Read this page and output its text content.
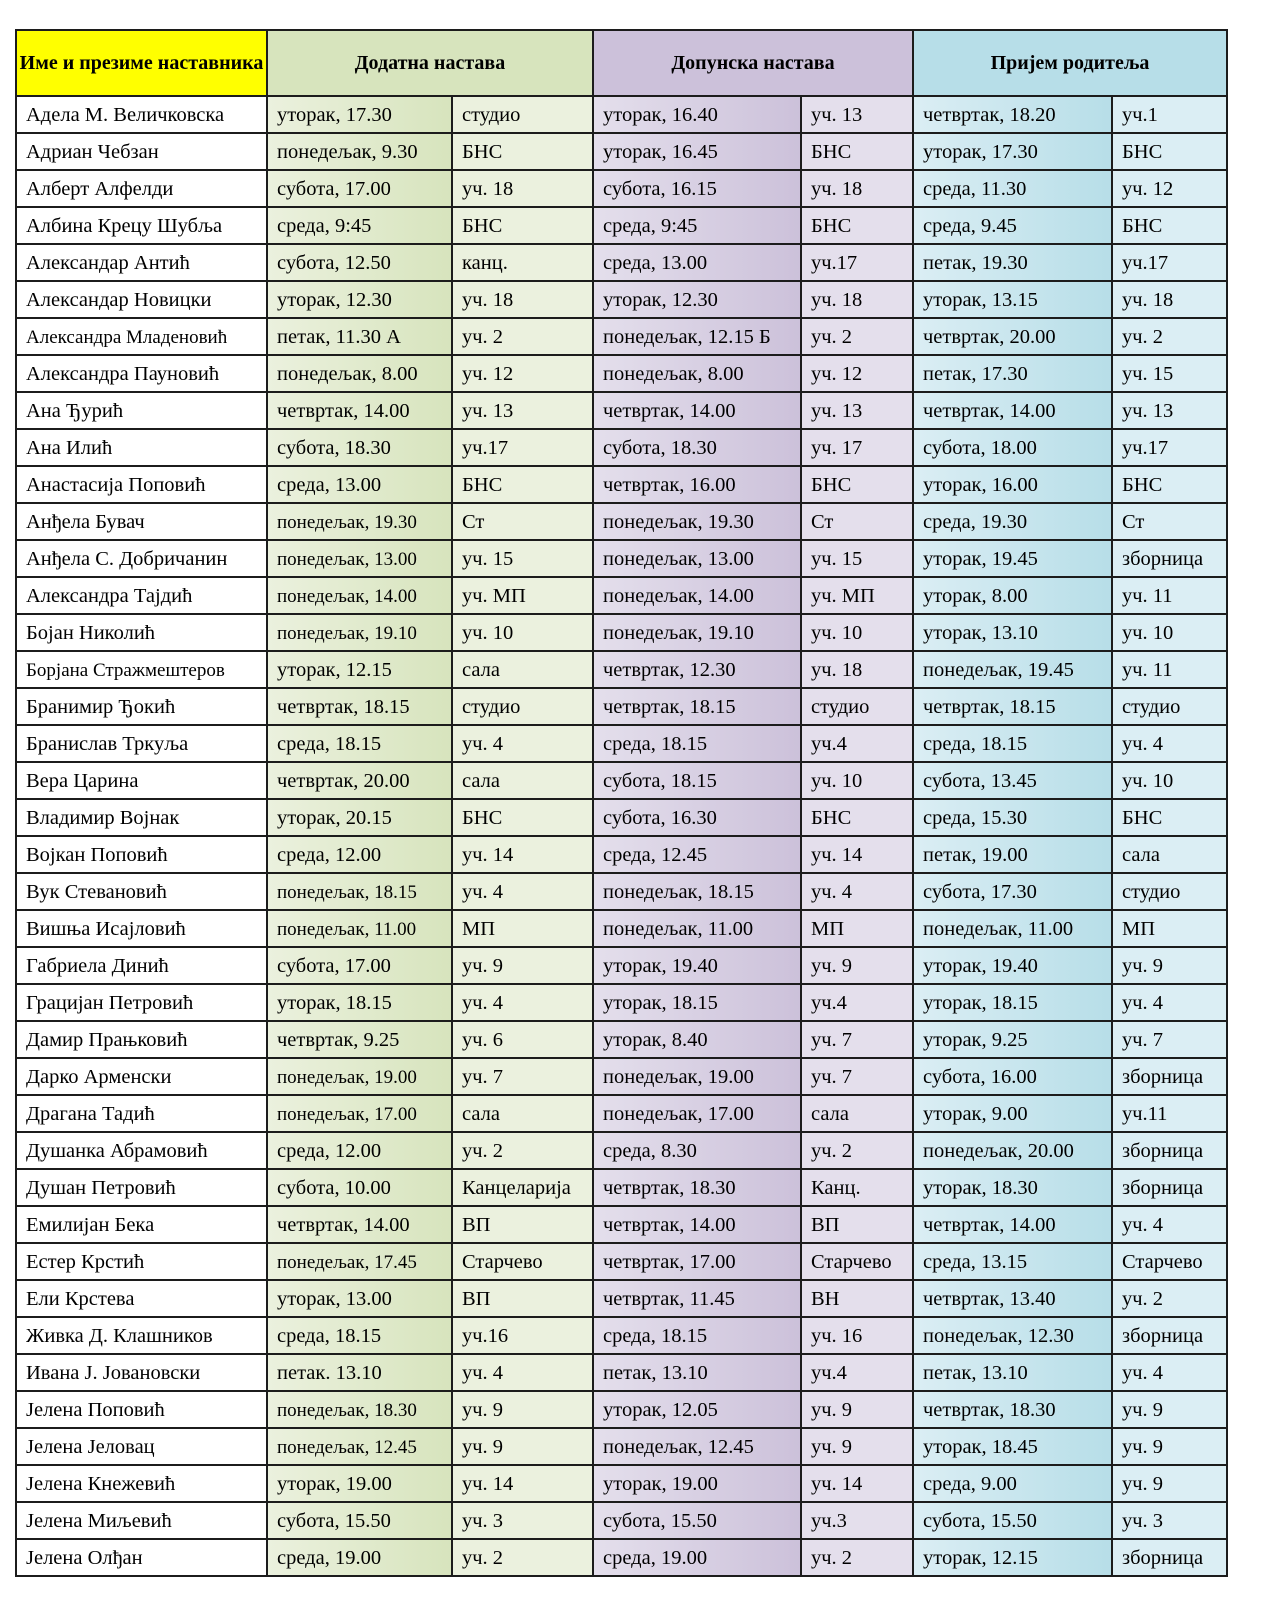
Име и презиме наставника	Додатна настава		Допунска настава		Пријем родитеља	
Адела М. Величковска	уторак, 17.30	студио	уторак, 16.40	уч. 13	четвртак, 18.20	уч.1
Адриан Чебзан	понедељак, 9.30	БНС	уторак, 16.45	БНС	уторак, 17.30	БНС
Алберт Алфелди	субота, 17.00	уч. 18	субота, 16.15	уч. 18	среда, 11.30	уч. 12
Албина Крецу Шубља	среда, 9:45	БНС	среда, 9:45	БНС	среда, 9.45	БНС
Александар Антић	субота, 12.50	канц.	среда, 13.00	уч.17	петак, 19.30	уч.17
Александар Новицки	уторак, 12.30	уч. 18	уторак, 12.30	уч. 18	уторак, 13.15	уч. 18
Александра Младеновић	петак, 11.30 А	уч. 2	понедељак, 12.15 Б	уч. 2	четвртак, 20.00	уч. 2
Александра Пауновић	понедељак, 8.00	уч. 12	понедељак, 8.00	уч. 12	петак, 17.30	уч. 15
Ана Ђурић	четвртак, 14.00	уч. 13	четвртак, 14.00	уч. 13	четвртак, 14.00	уч. 13
Ана Илић	субота, 18.30	уч.17	субота, 18.30	уч. 17	субота, 18.00	уч.17
Анастасија Поповић	среда, 13.00	БНС	четвртак, 16.00	БНС	уторак, 16.00	БНС
Анђела Бувач	понедељак, 19.30	Ст	понедељак, 19.30	Ст	среда, 19.30	Ст
Анђела С. Добричанин	понедељак, 13.00	уч. 15	понедељак, 13.00	уч. 15	уторак, 19.45	зборница
Александра Тајдић	понедељак, 14.00	уч. МП	понедељак, 14.00	уч. МП	уторак, 8.00	уч. 11
Бојан Николић	понедељак, 19.10	уч. 10	понедељак, 19.10	уч. 10	уторак, 13.10	уч. 10
Борјана Стражмештеров	уторак, 12.15	сала	четвртак, 12.30	уч. 18	понедељак, 19.45	уч. 11
Бранимир Ђокић	четвртак, 18.15	студио	четвртак, 18.15	студио	четвртак, 18.15	студио
Бранислав Тркуља	среда, 18.15	уч. 4	среда, 18.15	уч.4	среда, 18.15	уч. 4
Вера Царина	четвртак, 20.00	сала	субота, 18.15	уч. 10	субота, 13.45	уч. 10
Владимир Војнак	уторак, 20.15	БНС	субота, 16.30	БНС	среда, 15.30	БНС
Војкан Поповић	среда, 12.00	уч. 14	среда, 12.45	уч. 14	петак, 19.00	сала
Вук Стевановић	понедељак, 18.15	уч. 4	понедељак, 18.15	уч. 4	субота, 17.30	студио
Вишња Исајловић	понедељак, 11.00	МП	понедељак, 11.00	МП	понедељак, 11.00	МП
Габриела Динић	субота, 17.00	уч. 9	уторак, 19.40	уч. 9	уторак, 19.40	уч. 9
Грацијан Петровић	уторак, 18.15	уч. 4	уторак, 18.15	уч.4	уторак, 18.15	уч. 4
Дамир Прањковић	четвртак, 9.25	уч. 6	уторак, 8.40	уч. 7	уторак, 9.25	уч. 7
Дарко Арменски	понедељак, 19.00	уч. 7	понедељак, 19.00	уч. 7	субота, 16.00	зборница
Драгана Тадић	понедељак, 17.00	сала	понедељак, 17.00	сала	уторак, 9.00	уч.11
Душанка Абрамовић	среда, 12.00	уч. 2	среда, 8.30	уч. 2	понедељак, 20.00	зборница
Душан Петровић	субота, 10.00	Канцеларија	четвртак, 18.30	Канц.	уторак, 18.30	зборница
Емилијан Бека	четвртак, 14.00	ВП	четвртак, 14.00	ВП	четвртак, 14.00	уч. 4
Естер Крстић	понедељак, 17.45	Старчево	четвртак, 17.00	Старчево	среда, 13.15	Старчево
Ели Крстева	уторак, 13.00	ВП	четвртак, 11.45	ВН	четвртак, 13.40	уч. 2
Живка Д. Клашников	среда, 18.15	уч.16	среда, 18.15	уч. 16	понедељак, 12.30	зборница
Ивана Ј. Јовановски	петак. 13.10	уч. 4	петак, 13.10	уч.4	петак, 13.10	уч. 4
Јелена Поповић	понедељак, 18.30	уч. 9	уторак, 12.05	уч. 9	четвртак, 18.30	уч. 9
Јелена Јеловац	понедељак, 12.45	уч. 9	понедељак, 12.45	уч. 9	уторак, 18.45	уч. 9
Јелена Кнежевић	уторак, 19.00	уч. 14	уторак, 19.00	уч. 14	среда, 9.00	уч. 9
Јелена Миљевић	субота, 15.50	уч. 3	субота, 15.50	уч.3	субота, 15.50	уч. 3
Јелена Олђан	среда, 19.00	уч. 2	среда, 19.00	уч. 2	уторак, 12.15	зборница
